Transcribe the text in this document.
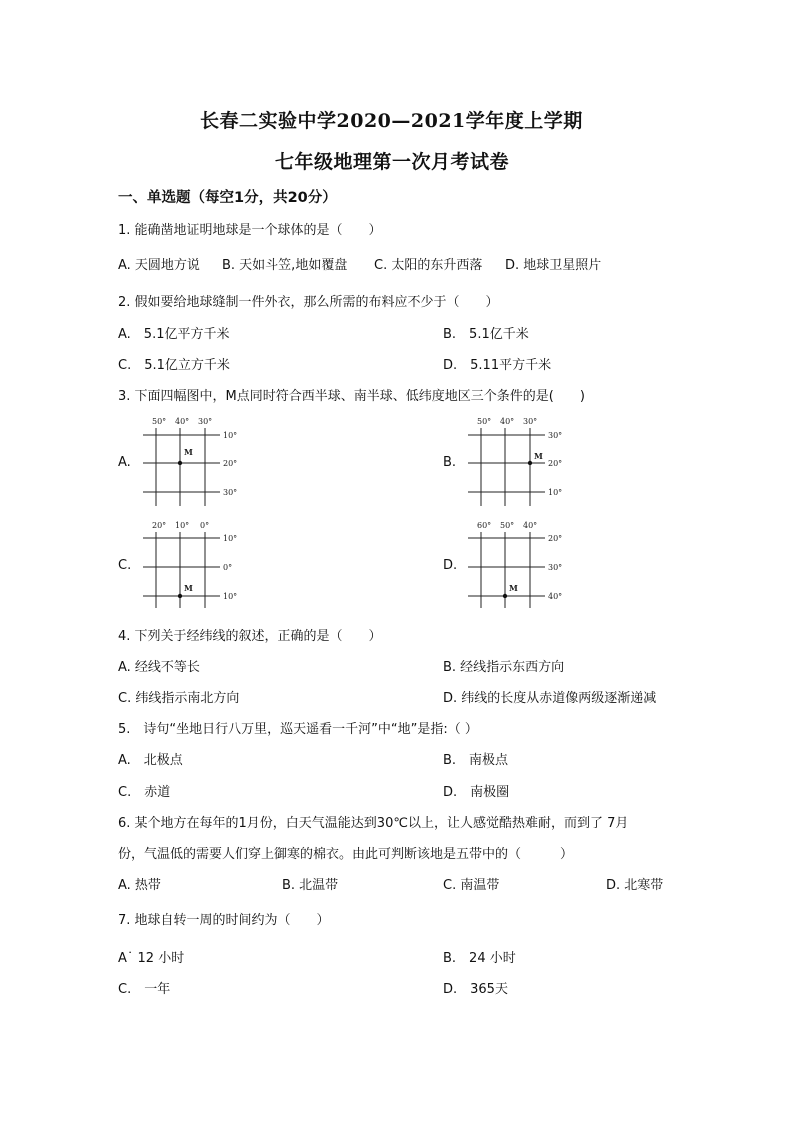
长春二实验中学2020—2021学年度上学期
七年级地理第一次月考试卷
一、单选题（每空1分，共20分）
1. 能确凿地证明地球是一个球体的是（　　）
A. 天圆地方说 B. 天如斗笠,地如覆盘 C. 太阳的东升西落 D. 地球卫星照片
2. 假如要给地球缝制一件外衣，那么所需的布料应不少于（　　）
A.　5.1亿平方千米	B.　5.1亿千米
C.　5.1亿立方千米	D.　5.11平方千米
3. 下面四幅图中，M点同时符合西半球、南半球、低纬度地区三个条件的是(　　)
A.
50° 40° 30°
10°
20°
30°
M
B.
50° 40° 30°
30°
20°
10°
M
C.
20° 10° 0°
10°
0°
10°
M
D.
60° 50° 40°
20°
30°
40°
M
4. 下列关于经纬线的叙述，正确的是（　　）
A. 经线不等长	B. 经线指示东西方向
C. 纬线指示南北方向	D. 纬线的长度从赤道像两级逐渐递减
5.　诗句“坐地日行八万里，巡天遥看一千河”中“地”是指:（ ）
A.　北极点	B.　南极点
C.　赤道	D.　南极圈
6. 某个地方在每年的1月份，白天气温能达到30℃以上，让人感觉酷热难耐，而到了 7月
份，气温低的需要人们穿上御寒的棉衣。由此可判断该地是五带中的（　　　）
A. 热带	B. 北温带	C. 南温带	D. 北寒带
7. 地球自转一周的时间约为（　　）
A˙ 12 小时	B.　24 小时
C.　一年	D.　365天
